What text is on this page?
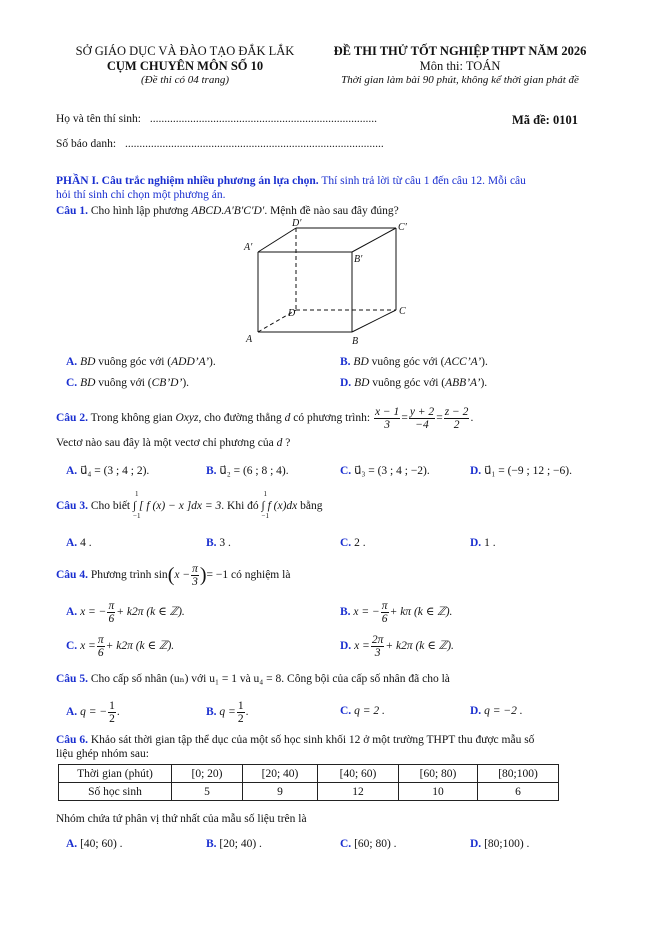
SỞ GIÁO DỤC VÀ ĐÀO TẠO ĐẮK LẮK
CỤM CHUYÊN MÔN SỐ 10
(Đề thi có 04 trang)
ĐỀ THI THỬ TỐT NGHIỆP THPT NĂM 2026
Môn thi: TOÁN
Thời gian làm bài 90 phút, không kể thời gian phát đề
Họ và tên thí sinh: ...............................................................................	Mã đề: 0101
Số báo danh: ..........................................................................................
PHẦN I. Câu trắc nghiệm nhiều phương án lựa chọn. Thí sinh trả lời từ câu 1 đến câu 12. Mỗi câu
hỏi thí sinh chỉ chọn một phương án.
Câu 1. Cho hình lập phương ABCD.A′B′C′D′. Mệnh đề nào sau đây đúng?
A	B
C
D
A′
B′
C′
D′
A. BD vuông góc với (ADD’A’).	B. BD vuông góc với (ACC’A’).
C. BD vuông với (CB’D’).	D. BD vuông góc với (ABB’A’).
Câu 2. Trong không gian Oxyz, cho đường thẳng d có phương trình: $\frac{x - 1}{3} = \frac{y + 2}{-4} = \frac{z - 2}{2}$ .
Vectơ nào sau đây là một vectơ chỉ phương của d ?
A. u⃗₄ = (3 ; 4 ; 2).	B. u⃗₂ = (6 ; 8 ; 4).	C. u⃗₃ = (3 ; 4 ; −2).	D. u⃗₁ = (−9 ; 12 ; −6).
Câu 3. Cho biết
1
−1
∫ [ f (x) − x ]dx = 3. Khi đó
1
−1
∫ f (x)dx bằng
A. 4 .	B. 3 .	C. 2 .	D. 1 .
Câu 4. Phương trình $\sin(x - \frac{\pi}{3}$ )= −1 có nghiệm là
A. x = − $\frac{\pi}{6} + k2\pi$ (k ∈ ℤ).	B. x = − $\frac{\pi}{6} + k\pi$ (k ∈ ℤ).
C. $x = \frac{\pi}{6} + k2\pi$ (k ∈ ℤ).	D. $x = \frac{2\pi}{3} + k2\pi$ (k ∈ ℤ).
Câu 5. Cho cấp số nhân (uₙ) với u₁ = 1 và u₄ = 8. Công bội của cấp số nhân đã cho là
A. q = − $\frac{1}{2}$ .	B. $q = \frac{1}{2}$ .	C. q = 2 .	D. q = −2 .
Câu 6. Khảo sát thời gian tập thể dục của một số học sinh khối 12 ở một trường THPT thu được mẫu số
liệu ghép nhóm sau:
Thời gian (phút)	[0; 20)	[20; 40)	[40; 60)	[60; 80)	[80;100)
Số học sinh	5	9	12	10	6
Nhóm chứa tứ phân vị thứ nhất của mẫu số liệu trên là
A. [40; 60) .	B. [20; 40) .	C. [60; 80) .	D. [80;100) .
